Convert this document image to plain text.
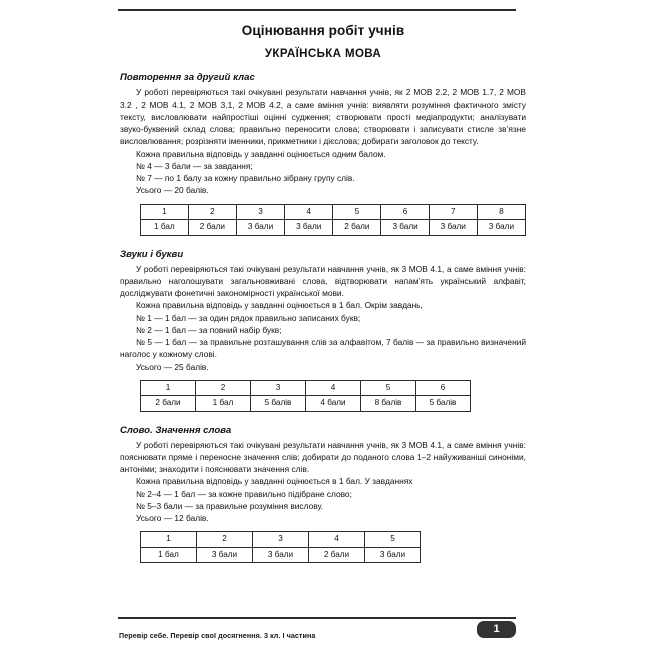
Оцінювання робіт учнів
УКРАЇНСЬКА МОВА
Повторення за другий клас

У роботі перевіряються такі очікувані результати навчання учнів, як 2 МОВ 2.2, 2 МОВ 1.7, 2 МОВ 3.2 , 2 МОВ 4.1, 2 МОВ 3.1, 2 МОВ 4.2, а саме вміння учнів: виявляти розуміння фактичного змісту тексту, висловлювати найпростіші оцінні судження; створювати прості медіапродукти; аналізувати звуко-буквений склад слова; правильно переносити слова; створювати і записувати стисле зв’язне висловлювання; розрізняти іменники, прикметники і дієслова; добирати заголовок до тексту.

Кожна правильна відповідь у завданні оцінюється одним балом.

№ 4 — 3 бали — за завдання;

№ 7 — по 1 балу за кожну правильно зібрану групу слів.

Усього — 20 балів.

1	2	3	4	5	6	7	8
1 бал	2 бали	3 бали	3 бали	2 бали	3 бали	3 бали	3 бали
Звуки і букви

У роботі перевіряються такі очікувані результати навчання учнів, як 3 МОВ 4.1, а саме вміння учнів: правильно наголошувати загальновживані слова, відтворювати напам’ять український алфавіт, досліджувати фонетичні закономірності української мови.

Кожна правильна відповідь у завданні оцінюється в 1 бал. Окрім завдань,

№ 1 — 1 бал — за один рядок правильно записаних букв;

№ 2 — 1 бал — за повний набір букв;

№ 5 — 1 бал — за правильне розташування слів за алфавітом, 7 балів — за правильно визначений наголос у кожному слові.

Усього — 25 балів.

1	2	3	4	5	6
2 бали	1 бал	5 балів	4 бали	8 балів	5 балів
Слово. Значення слова

У роботі перевіряються такі очікувані результати навчання учнів, як 3 МОВ 4.1, а саме вміння учнів: пояснювати пряме і переносне значення слів; добирати до поданого слова 1–2 найуживаніші синоніми, антоніми; знаходити і пояснювати значення слів.

Кожна правильна відповідь у завданні оцінюється в 1 бал. У завданнях

№ 2–4 — 1 бал — за кожне правильно підібране слово;

№ 5–3 бали — за правильне розуміння вислову.

Усього — 12 балів.

1	2	3	4	5
1 бал	3 бали	3 бали	2 бали	3 бали
Перевір себе. Перевір свої досягнення. 3 кл. I частина
1
